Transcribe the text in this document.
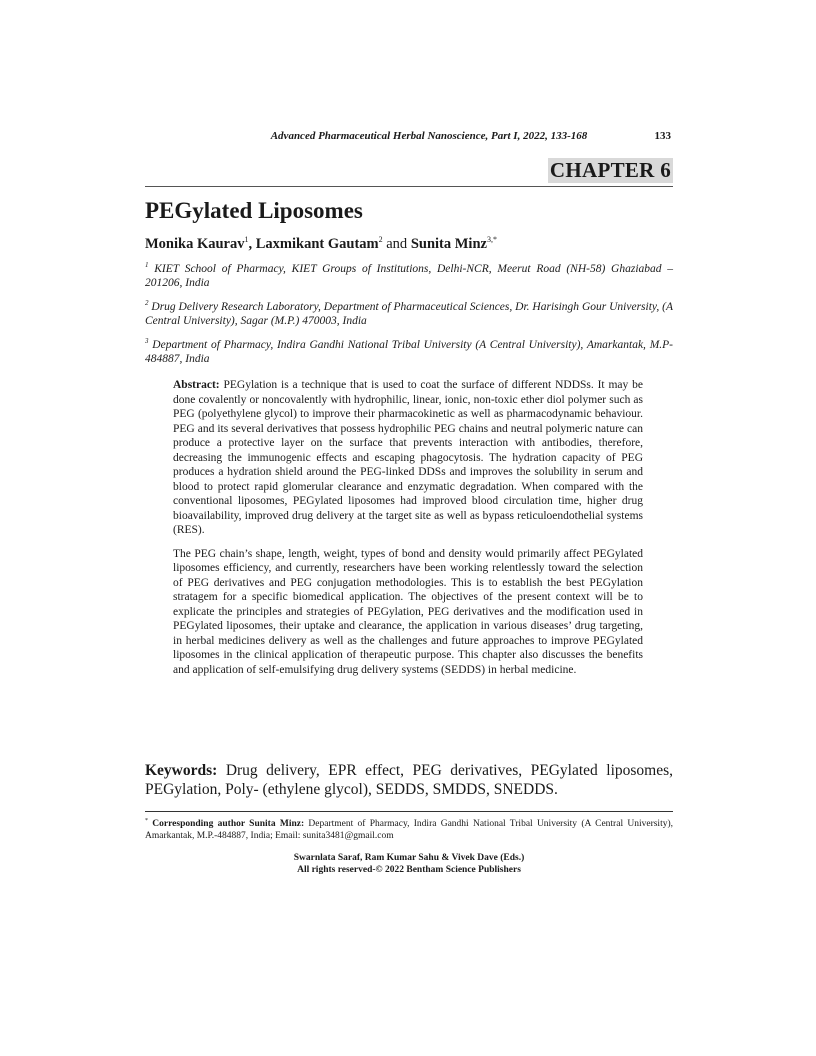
Advanced Pharmaceutical Herbal Nanoscience, Part I, 2022, 133-168	133
CHAPTER 6
PEGylated Liposomes
Monika Kaurav$^1$, Laxmikant Gautam$^2$ and Sunita Minz$^{3,*}$
$^1$ KIET School of Pharmacy, KIET Groups of Institutions, Delhi-NCR, Meerut Road (NH-58) Ghaziabad – 201206, India
$^2$ Drug Delivery Research Laboratory, Department of Pharmaceutical Sciences, Dr. Harisingh Gour University, (A Central University), Sagar (M.P.) 470003, India
$^3$ Department of Pharmacy, Indira Gandhi National Tribal University (A Central University), Amarkantak, M.P-484887, India

Abstract: PEGylation is a technique that is used to coat the surface of different NDDSs. It may be done covalently or noncovalently with hydrophilic, linear, ionic, non-toxic ether diol polymer such as PEG (polyethylene glycol) to improve their pharmacokinetic as well as pharmacodynamic behaviour. PEG and its several derivatives that possess hydrophilic PEG chains and neutral polymeric nature can produce a protective layer on the surface that prevents interaction with antibodies, therefore, decreasing the immunogenic effects and escaping phagocytosis. The hydration capacity of PEG produces a hydration shield around the PEG-linked DDSs and improves the solubility in serum and blood to protect rapid glomerular clearance and enzymatic degradation. When compared with the conventional liposomes, PEGylated liposomes had improved blood circulation time, higher drug bioavailability, improved drug delivery at the target site as well as bypass reticuloendothelial systems (RES).

The PEG chain’s shape, length, weight, types of bond and density would primarily affect PEGylated liposomes efficiency, and currently, researchers have been working relentlessly toward the selection of PEG derivatives and PEG conjugation methodologies. This is to establish the best PEGylation stratagem for a specific biomedical application. The objectives of the present context will be to explicate the principles and strategies of PEGylation, PEG derivatives and the modification used in PEGylated liposomes, their uptake and clearance, the application in various diseases’ drug targeting, in herbal medicines delivery as well as the challenges and future approaches to improve PEGylated liposomes in the clinical application of therapeutic purpose. This chapter also discusses the benefits and application of self-emulsifying drug delivery systems (SEDDS) in herbal medicine.

Keywords: Drug delivery, EPR effect, PEG derivatives, PEGylated liposomes, PEGylation, Poly- (ethylene glycol), SEDDS, SMDDS, SNEDDS.
* Corresponding author Sunita Minz: Department of Pharmacy, Indira Gandhi National Tribal University (A Central University), Amarkantak, M.P.-484887, India; Email: sunita3481@gmail.com
Swarnlata Saraf, Ram Kumar Sahu & Vivek Dave (Eds.)
All rights reserved-© 2022 Bentham Science Publishers
